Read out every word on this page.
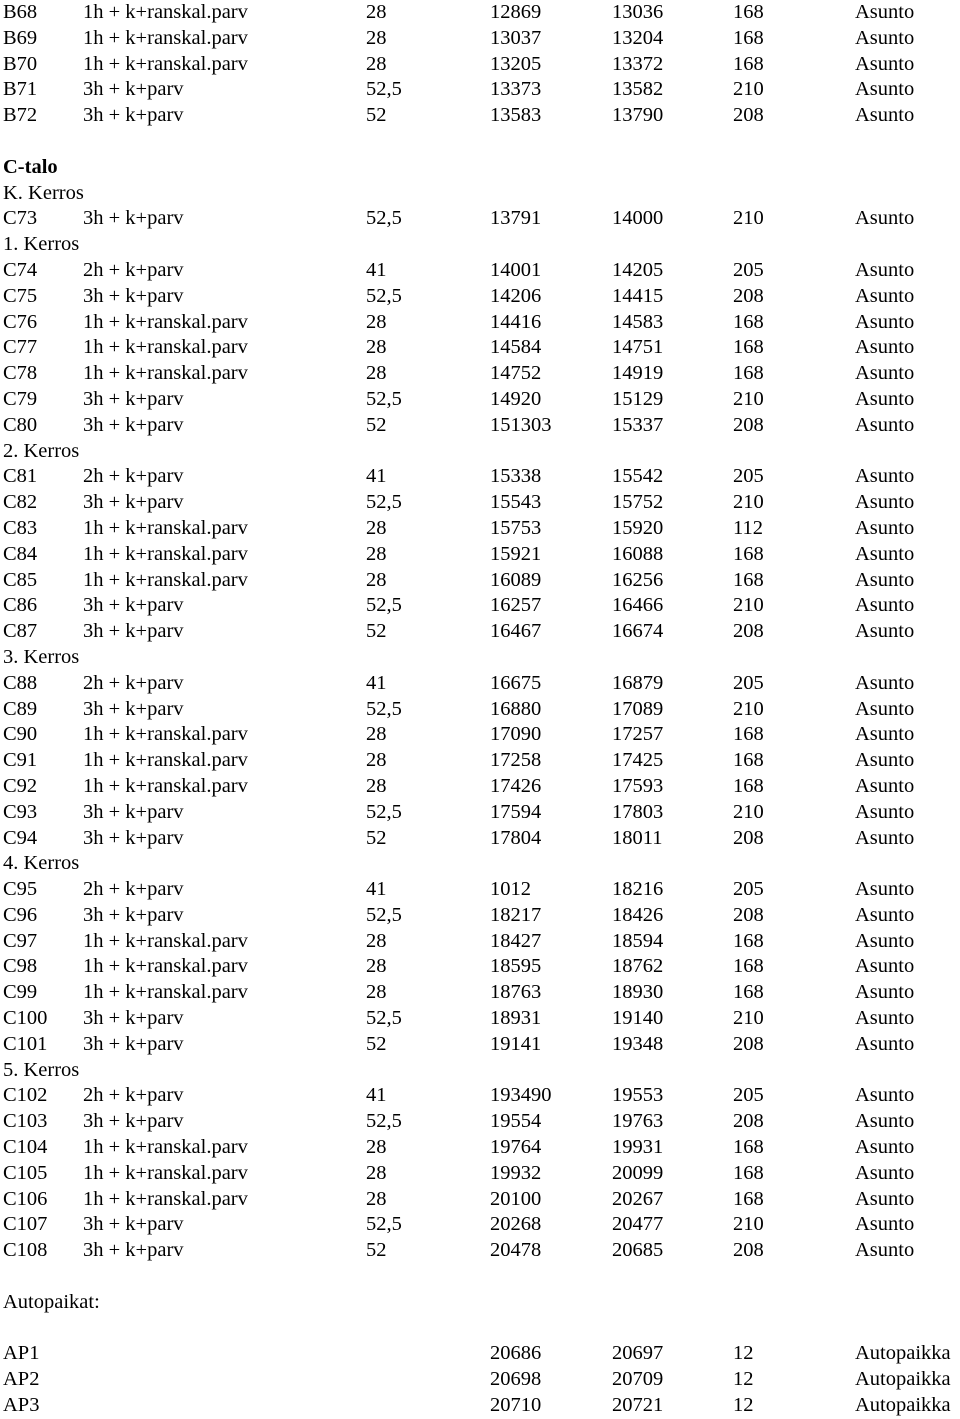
B68 1h + k+ranskal.parv	28	12869	13036	168	Asunto
B69 1h + k+ranskal.parv	28	13037	13204	168	Asunto
B70 1h + k+ranskal.parv	28	13205	13372	168	Asunto
B71 3h + k+parv	52,5	13373	13582	210	Asunto
B72 3h + k+parv	52	13583	13790	208	Asunto
C-talo
K. Kerros
C73 3h + k+parv	52,5	13791	14000	210	Asunto
1. Kerros
C74 2h + k+parv	41	14001	14205	205	Asunto
C75 3h + k+parv	52,5	14206	14415	208	Asunto
C76 1h + k+ranskal.parv	28	14416	14583	168	Asunto
C77 1h + k+ranskal.parv	28	14584	14751	168	Asunto
C78 1h + k+ranskal.parv	28	14752	14919	168	Asunto
C79 3h + k+parv	52,5	14920	15129	210	Asunto
C80 3h + k+parv	52	151303	15337	208	Asunto
2. Kerros
C81 2h + k+parv	41	15338	15542	205	Asunto
C82 3h + k+parv	52,5	15543	15752	210	Asunto
C83 1h + k+ranskal.parv	28	15753	15920	112	Asunto
C84 1h + k+ranskal.parv	28	15921	16088	168	Asunto
C85 1h + k+ranskal.parv	28	16089	16256	168	Asunto
C86 3h + k+parv	52,5	16257	16466	210	Asunto
C87 3h + k+parv	52	16467	16674	208	Asunto
3. Kerros
C88 2h + k+parv	41	16675	16879	205	Asunto
C89 3h + k+parv	52,5	16880	17089	210	Asunto
C90 1h + k+ranskal.parv	28	17090	17257	168	Asunto
C91 1h + k+ranskal.parv	28	17258	17425	168	Asunto
C92 1h + k+ranskal.parv	28	17426	17593	168	Asunto
C93 3h + k+parv	52,5	17594	17803	210	Asunto
C94 3h + k+parv	52	17804	18011	208	Asunto
4. Kerros
C95 2h + k+parv	41	1012	18216	205	Asunto
C96 3h + k+parv	52,5	18217	18426	208	Asunto
C97 1h + k+ranskal.parv	28	18427	18594	168	Asunto
C98 1h + k+ranskal.parv	28	18595	18762	168	Asunto
C99 1h + k+ranskal.parv	28	18763	18930	168	Asunto
C100 3h + k+parv	52,5	18931	19140	210	Asunto
C101 3h + k+parv	52	19141	19348	208	Asunto
5. Kerros
C102 2h + k+parv	41	193490	19553	205	Asunto
C103 3h + k+parv	52,5	19554	19763	208	Asunto
C104 1h + k+ranskal.parv	28	19764	19931	168	Asunto
C105 1h + k+ranskal.parv	28	19932	20099	168	Asunto
C106 1h + k+ranskal.parv	28	20100	20267	168	Asunto
C107 3h + k+parv	52,5	20268	20477	210	Asunto
C108 3h + k+parv	52	20478	20685	208	Asunto
Autopaikat:
AP1	20686	20697	12	Autopaikka
AP2	20698	20709	12	Autopaikka
AP3	20710	20721	12	Autopaikka
